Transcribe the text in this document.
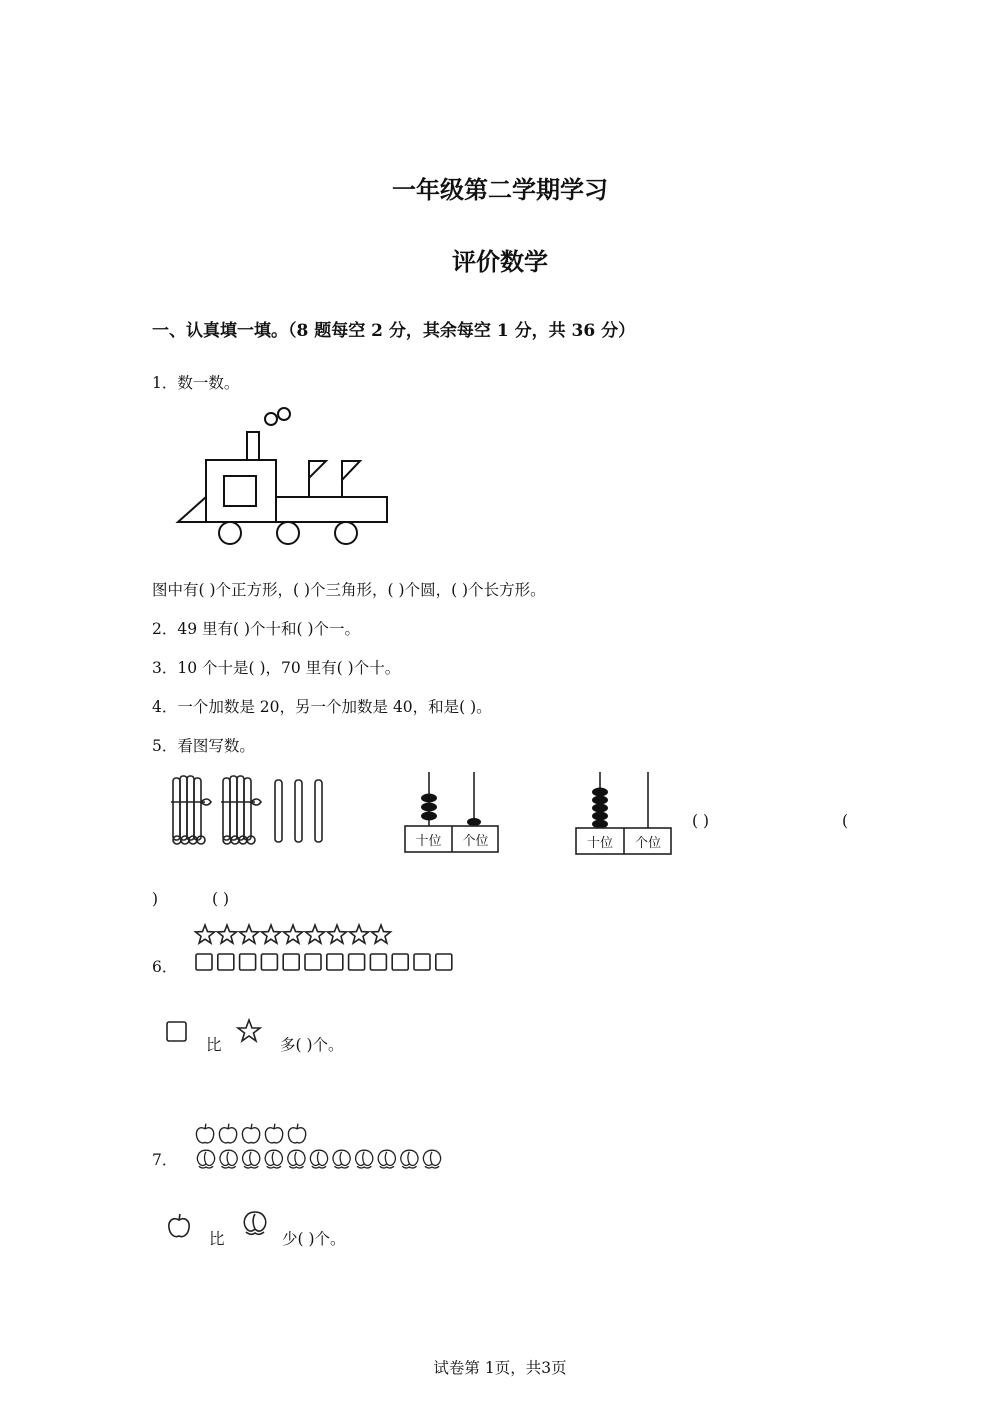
一年级第二学期学习
评价数学
一、认真填一填。（8 题每空 2 分，其余每空 1 分，共 36 分）
1．数一数。
图中有( )个正方形，( )个三角形，( )个圆，( )个长方形。
2．49 里有( )个十和( )个一。
3．10 个十是( )，70 里有( )个十。
4．一个加数是 20，另一个加数是 40，和是( )。
5．看图写数。
十位	个位	十位	个位
( )	(
)	( )
6．
比	多( )个。
7．
比	少( )个。
试卷第 1页，共3页
